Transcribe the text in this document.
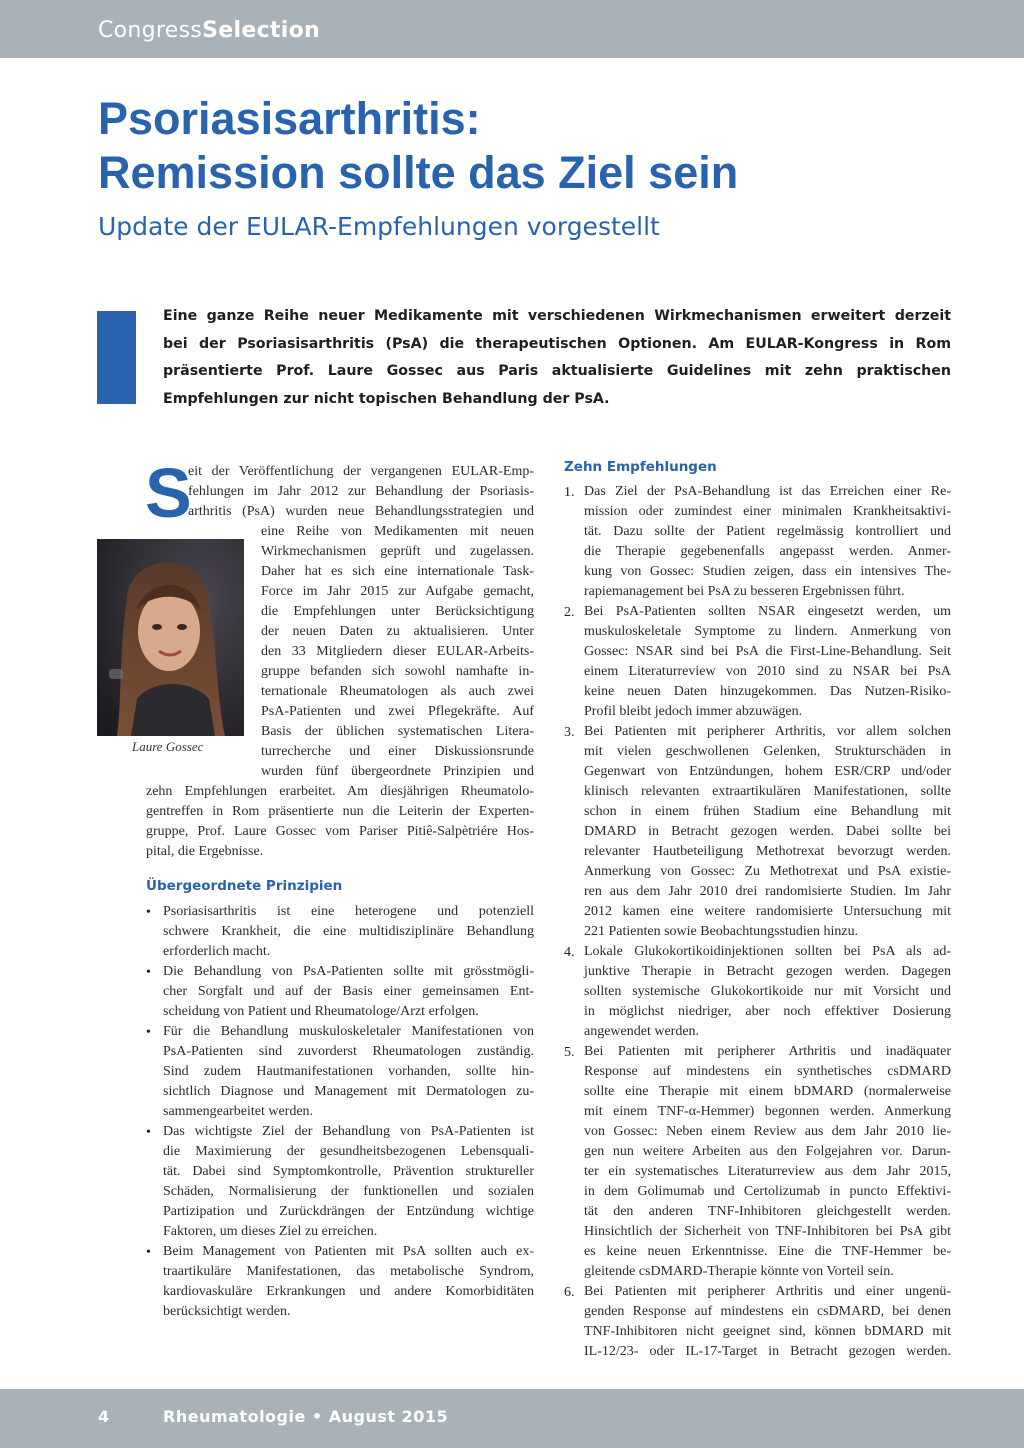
CongressSelection
Psoriasisarthritis:
Remission sollte das Ziel sein
Update der EULAR-Empfehlungen vorgestellt
Eine ganze Reihe neuer Medikamente mit verschiedenen Wirkmechanismen erweitert derzeit
bei der Psoriasisarthritis (PsA) die therapeutischen Optionen. Am EULAR-Kongress in Rom
präsentierte Prof. Laure Gossec aus Paris aktualisierte Guidelines mit zehn praktischen
Empfehlungen zur nicht topischen Behandlung der PsA.
S
eit der Veröffentlichung der vergangenen EULAR-Emp-
fehlungen im Jahr 2012 zur Behandlung der Psoriasis-
arthritis (PsA) wurden neue Behandlungsstrategien und
eine Reihe von Medikamenten mit neuen
Wirkmechanismen geprüft und zugelassen.
Daher hat es sich eine internationale Task-
Force im Jahr 2015 zur Aufgabe gemacht,
die Empfehlungen unter Berücksichtigung
der neuen Daten zu aktualisieren. Unter
den 33 Mitgliedern dieser EULAR-Arbeits-
gruppe befanden sich sowohl namhafte in-
ternationale Rheumatologen als auch zwei
PsA-Patienten und zwei Pflegekräfte. Auf
Basis der üblichen systematischen Litera-
turrecherche und einer Diskussionsrunde
wurden fünf übergeordnete Prinzipien und
zehn Empfehlungen erarbeitet. Am diesjährigen Rheumatolo-
gentreffen in Rom präsentierte nun die Leiterin der Experten-
gruppe, Prof. Laure Gossec vom Pariser Pitiê-Salpètriére Hos-
pital, die Ergebnisse.
Laure Gossec
Übergeordnete Prinzipien
• Psoriasisarthritis ist eine heterogene und potenziell
schwere Krankheit, die eine multidisziplinäre Behandlung
erforderlich macht.
• Die Behandlung von PsA-Patienten sollte mit grösstmögli-
cher Sorgfalt und auf der Basis einer gemeinsamen Ent-
scheidung von Patient und Rheumatologe/Arzt erfolgen.
• Für die Behandlung muskuloskeletaler Manifestationen von
PsA-Patienten sind zuvorderst Rheumatologen zuständig.
Sind zudem Hautmanifestationen vorhanden, sollte hin-
sichtlich Diagnose und Management mit Dermatologen zu-
sammengearbeitet werden.
• Das wichtigste Ziel der Behandlung von PsA-Patienten ist
die Maximierung der gesundheitsbezogenen Lebensquali-
tät. Dabei sind Symptomkontrolle, Prävention struktureller
Schäden, Normalisierung der funktionellen und sozialen
Partizipation und Zurückdrängen der Entzündung wichtige
Faktoren, um dieses Ziel zu erreichen.
• Beim Management von Patienten mit PsA sollten auch ex-
traartikuläre Manifestationen, das metabolische Syndrom,
kardiovaskuläre Erkrankungen und andere Komorbiditäten
berücksichtigt werden.
Zehn Empfehlungen
1. Das Ziel der PsA-Behandlung ist das Erreichen einer Re-
mission oder zumindest einer minimalen Krankheitsaktivi-
tät. Dazu sollte der Patient regelmässig kontrolliert und
die Therapie gegebenenfalls angepasst werden. Anmer-
kung von Gossec: Studien zeigen, dass ein intensives The-
rapiemanagement bei PsA zu besseren Ergebnissen führt.
2. Bei PsA-Patienten sollten NSAR eingesetzt werden, um
muskuloskeletale Symptome zu lindern. Anmerkung von
Gossec: NSAR sind bei PsA die First-Line-Behandlung. Seit
einem Literaturreview von 2010 sind zu NSAR bei PsA
keine neuen Daten hinzugekommen. Das Nutzen-Risiko-
Profil bleibt jedoch immer abzuwägen.
3. Bei Patienten mit peripherer Arthritis, vor allem solchen
mit vielen geschwollenen Gelenken, Strukturschäden in
Gegenwart von Entzündungen, hohem ESR/CRP und/oder
klinisch relevanten extraartikulären Manifestationen, sollte
schon in einem frühen Stadium eine Behandlung mit
DMARD in Betracht gezogen werden. Dabei sollte bei
relevanter Hautbeteiligung Methotrexat bevorzugt werden.
Anmerkung von Gossec: Zu Methotrexat und PsA existie-
ren aus dem Jahr 2010 drei randomisierte Studien. Im Jahr
2012 kamen eine weitere randomisierte Untersuchung mit
221 Patienten sowie Beobachtungsstudien hinzu.
4. Lokale Glukokortikoidinjektionen sollten bei PsA als ad-
junktive Therapie in Betracht gezogen werden. Dagegen
sollten systemische Glukokortikoide nur mit Vorsicht und
in möglichst niedriger, aber noch effektiver Dosierung
angewendet werden.
5. Bei Patienten mit peripherer Arthritis und inadäquater
Response auf mindestens ein synthetisches csDMARD
sollte eine Therapie mit einem bDMARD (normalerweise
mit einem TNF-α-Hemmer) begonnen werden. Anmerkung
von Gossec: Neben einem Review aus dem Jahr 2010 lie-
gen nun weitere Arbeiten aus den Folgejahren vor. Darun-
ter ein systematisches Literaturreview aus dem Jahr 2015,
in dem Golimumab und Certolizumab in puncto Effektivi-
tät den anderen TNF-Inhibitoren gleichgestellt werden.
Hinsichtlich der Sicherheit von TNF-Inhibitoren bei PsA gibt
es keine neuen Erkenntnisse. Eine die TNF-Hemmer be-
gleitende csDMARD-Therapie könnte von Vorteil sein.
6. Bei Patienten mit peripherer Arthritis und einer ungenü-
genden Response auf mindestens ein csDMARD, bei denen
TNF-Inhibitoren nicht geeignet sind, können bDMARD mit
IL-12/23- oder IL-17-Target in Betracht gezogen werden.
4	Rheumatologie • August 2015
